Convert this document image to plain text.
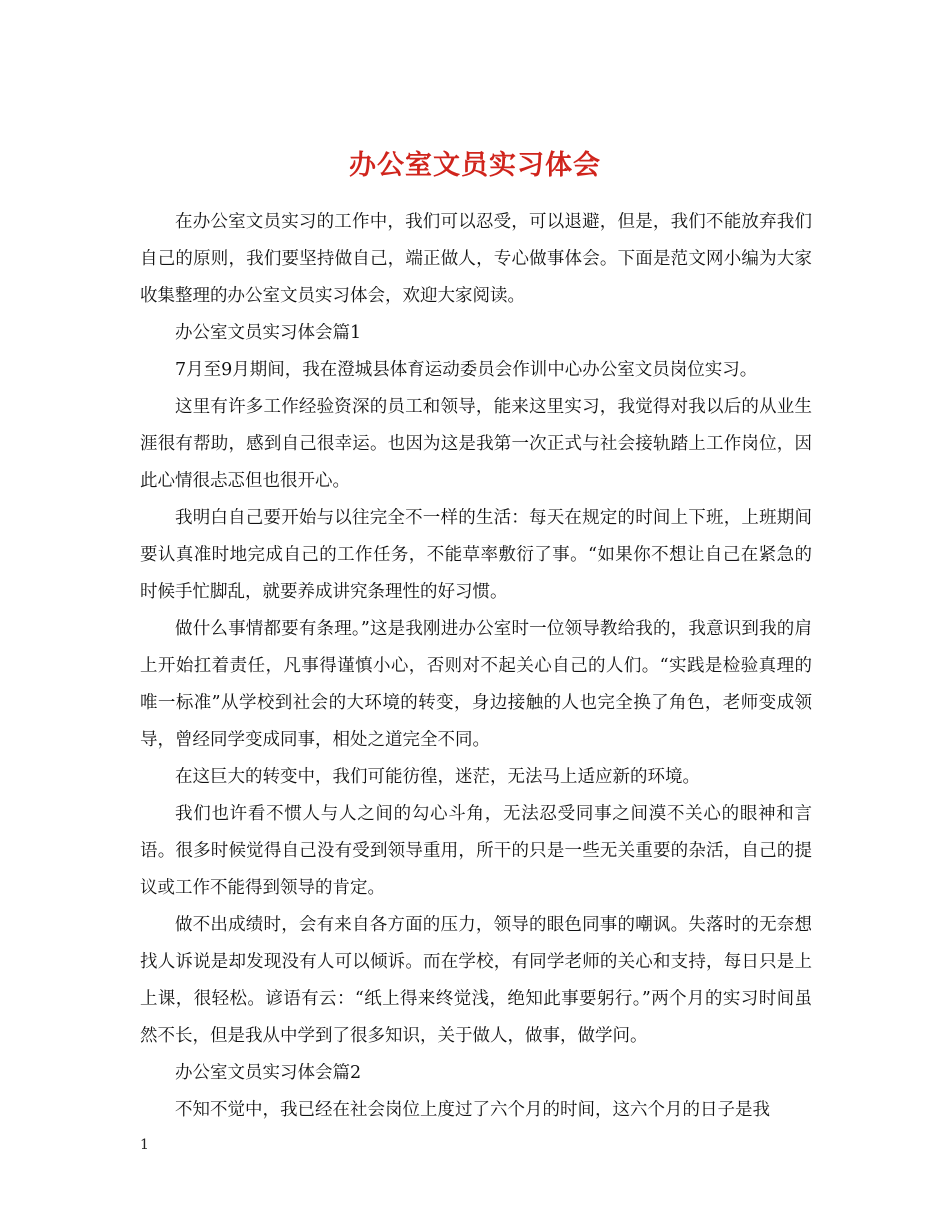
办公室文员实习体会

在办公室文员实习的工作中，我们可以忍受，可以退避，但是，我们不能放弃我们自己的原则，我们要坚持做自己，端正做人，专心做事体会。下面是范文网小编为大家收集整理的办公室文员实习体会，欢迎大家阅读。

办公室文员实习体会篇1

7月至9月期间，我在澄城县体育运动委员会作训中心办公室文员岗位实习。

这里有许多工作经验资深的员工和领导，能来这里实习，我觉得对我以后的从业生涯很有帮助，感到自己很幸运。也因为这是我第一次正式与社会接轨踏上工作岗位，因此心情很忐忑但也很开心。

我明白自己要开始与以往完全不一样的生活：每天在规定的时间上下班，上班期间要认真准时地完成自己的工作任务，不能草率敷衍了事。“如果你不想让自己在紧急的时候手忙脚乱，就要养成讲究条理性的好习惯。

做什么事情都要有条理。”这是我刚进办公室时一位领导教给我的，我意识到我的肩上开始扛着责任，凡事得谨慎小心，否则对不起关心自己的人们。“实践是检验真理的唯一标准”从学校到社会的大环境的转变，身边接触的人也完全换了角色，老师变成领导，曾经同学变成同事，相处之道完全不同。

在这巨大的转变中，我们可能彷徨，迷茫，无法马上适应新的环境。

我们也许看不惯人与人之间的勾心斗角，无法忍受同事之间漠不关心的眼神和言语。很多时候觉得自己没有受到领导重用，所干的只是一些无关重要的杂活，自己的提议或工作不能得到领导的肯定。

做不出成绩时，会有来自各方面的压力，领导的眼色同事的嘲讽。失落时的无奈想找人诉说是却发现没有人可以倾诉。而在学校，有同学老师的关心和支持，每日只是上上课，很轻松。谚语有云：“纸上得来终觉浅，绝知此事要躬行。”两个月的实习时间虽然不长，但是我从中学到了很多知识，关于做人，做事，做学问。

办公室文员实习体会篇2

不知不觉中，我已经在社会岗位上度过了六个月的时间，这六个月的日子是我

1
